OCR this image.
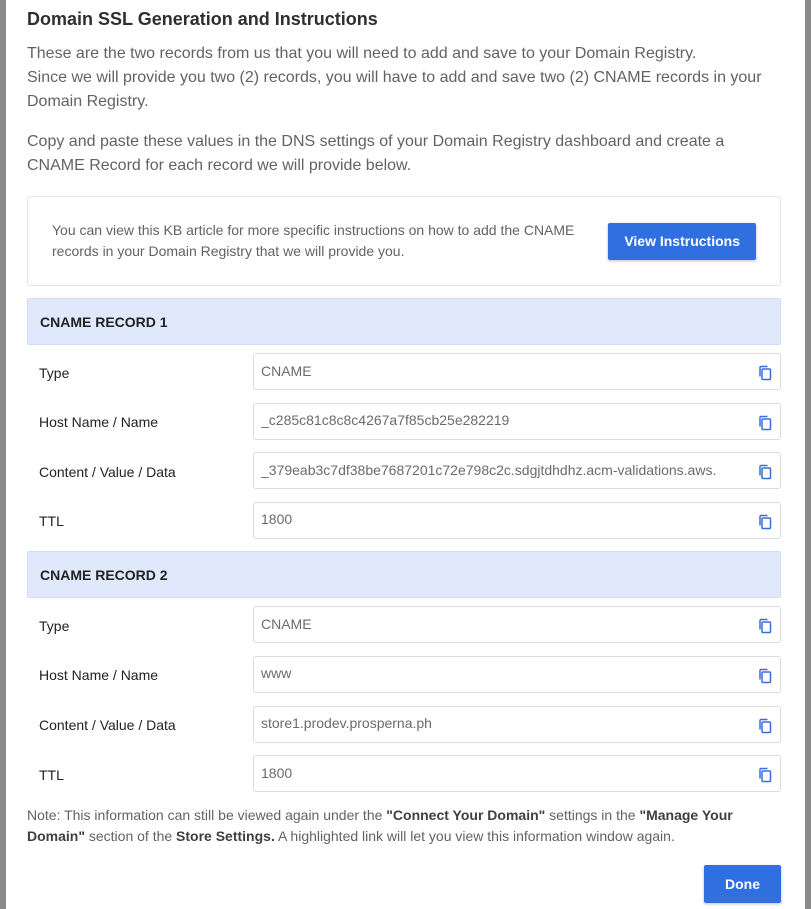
Domain SSL Generation and Instructions

These are the two records from us that you will need to add and save to your Domain Registry.

Since we will provide you two (2) records, you will have to add and save two (2) CNAME records in your Domain Registry.

Copy and paste these values in the DNS settings of your Domain Registry dashboard and create a CNAME Record for each record we will provide below.

You can view this KB article for more specific instructions on how to add the CNAME records in your Domain Registry that we will provide you.
View Instructions
CNAME RECORD 1
Type	CNAME
Host Name / Name	_c285c81c8c8c4267a7f85cb25e282219
Content / Value / Data	_379eab3c7df38be7687201c72e798c2c.sdgjtdhdhz.acm-validations.aws.
TTL	1800
CNAME RECORD 2
Type	CNAME
Host Name / Name	www
Content / Value / Data	store1.prodev.prosperna.ph
TTL	1800
Note: This information can still be viewed again under the "Connect Your Domain" settings in the "Manage Your Domain" section of the Store Settings. A highlighted link will let you view this information window again.
Done
